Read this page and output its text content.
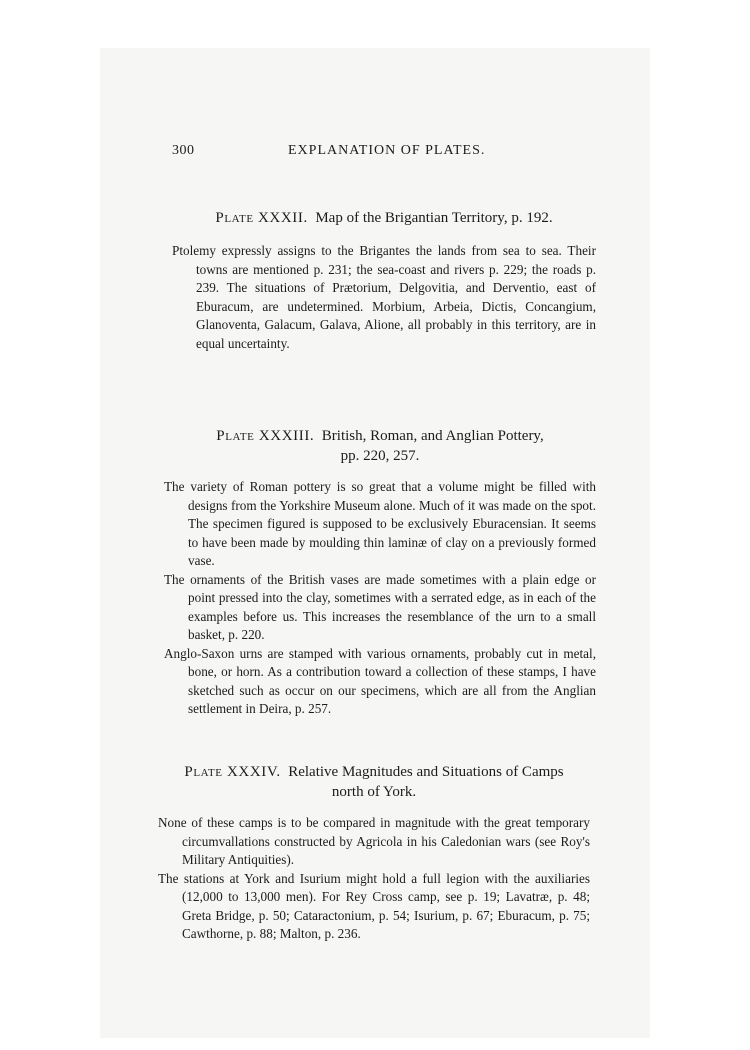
300	EXPLANATION OF PLATES.
Plate XXXII. Map of the Brigantian Territory, p. 192.

Ptolemy expressly assigns to the Brigantes the lands from sea to sea. Their towns are mentioned p. 231; the sea-coast and rivers p. 229; the roads p. 239. The situations of Prætorium, Delgovitia, and Derventio, east of Eburacum, are undetermined. Morbium, Arbeia, Dictis, Concangium, Glanoventa, Galacum, Galava, Alione, all probably in this territory, are in equal uncertainty.

Plate XXXIII. British, Roman, and Anglian Pottery,
pp. 220, 257.

The variety of Roman pottery is so great that a volume might be filled with designs from the Yorkshire Museum alone. Much of it was made on the spot. The specimen figured is supposed to be exclusively Eburacensian. It seems to have been made by moulding thin laminæ of clay on a previously formed vase.

The ornaments of the British vases are made sometimes with a plain edge or point pressed into the clay, sometimes with a serrated edge, as in each of the examples before us. This increases the resemblance of the urn to a small basket, p. 220.

Anglo-Saxon urns are stamped with various ornaments, probably cut in metal, bone, or horn. As a contribution toward a collection of these stamps, I have sketched such as occur on our specimens, which are all from the Anglian settlement in Deira, p. 257.

Plate XXXIV. Relative Magnitudes and Situations of Camps
north of York.

None of these camps is to be compared in magnitude with the great temporary circumvallations constructed by Agricola in his Caledonian wars (see Roy's Military Antiquities).

The stations at York and Isurium might hold a full legion with the auxiliaries (12,000 to 13,000 men). For Rey Cross camp, see p. 19; Lavatræ, p. 48; Greta Bridge, p. 50; Cataractonium, p. 54; Isurium, p. 67; Eburacum, p. 75; Cawthorne, p. 88; Malton, p. 236.
